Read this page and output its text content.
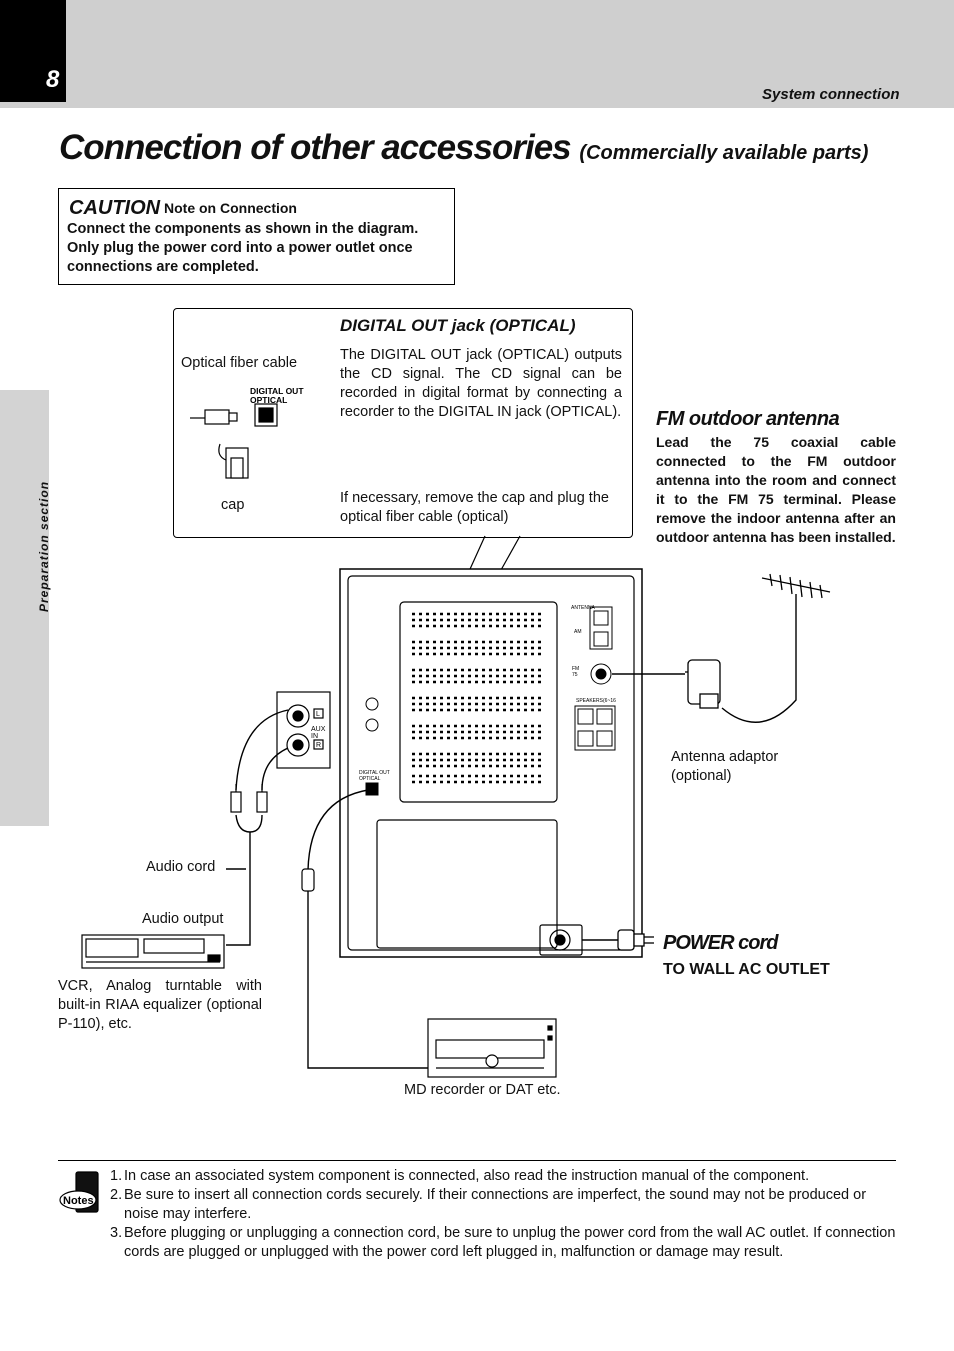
8
System connection
Preparation section
Connection of other accessories (Commercially available parts)
CAUTION Note on Connection
Connect the components as shown in the diagram. Only plug the power cord into a power outlet once connections are completed.
DIGITAL OUT jack (OPTICAL)
The DIGITAL OUT jack (OPTICAL) outputs the CD signal. The CD signal can be recorded in digital format by connecting a recorder to the DIGITAL IN jack (OPTICAL).
If necessary, remove the cap and plug the optical fiber cable (optical)
Optical fiber cable
cap
FM outdoor antenna
Lead the 75 coaxial cable connected to the FM outdoor antenna into the room and connect it to the FM 75 terminal. Please remove the indoor antenna after an outdoor antenna has been installed.
Antenna adaptor
(optional)
POWER cord
TO WALL AC OUTLET
Audio cord
Audio output
VCR, Analog turntable with built-in RIAA equalizer (optional P-110), etc.
MD recorder or DAT etc.
DIGITAL OUT
OPTICAL
ANTENNA
AM
FM
75
SPEAKERS(6~16
DIGITAL OUT
OPTICAL
L
R
AUX
IN
Notes
1. In case an associated system component is connected, also read the instruction manual of the component.
2. Be sure to insert all connection cords securely. If their connections are imperfect, the sound may not be produced or noise may interfere.
3. Before plugging or unplugging a connection cord, be sure to unplug the power cord from the wall AC outlet. If connection cords are plugged or unplugged with the power cord left plugged in, malfunction or damage may result.
